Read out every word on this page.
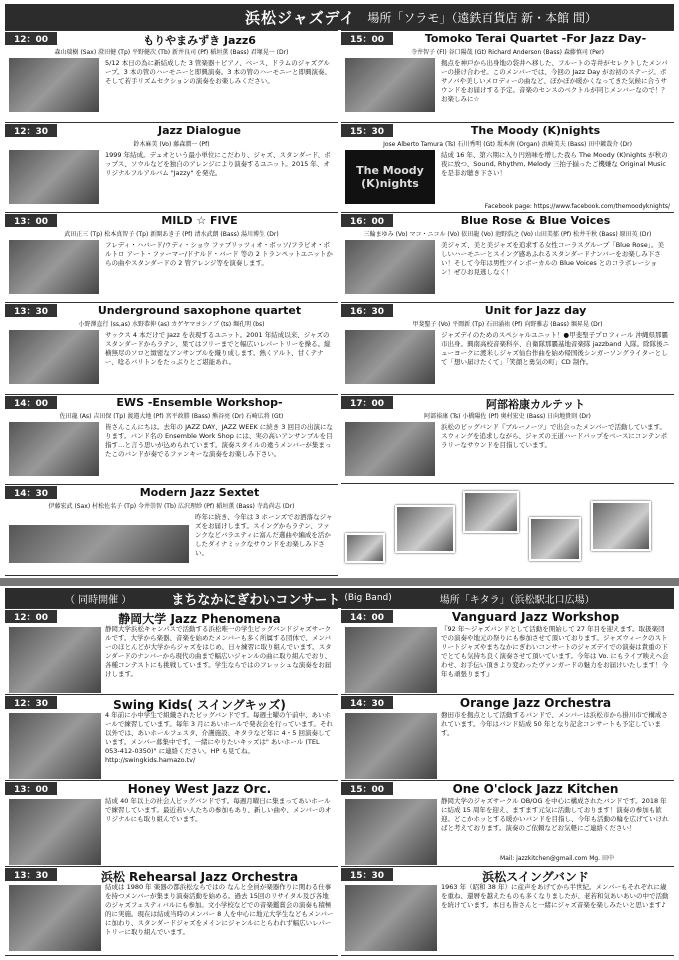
浜松ジャズデイ 場所「ソラモ」（遠鉄百貨店 新・本館 間）
12：00	もりやまみずき Jazz6
森山瑞樹 (Sax) 澄田健 (Tp) 平野健次 (Tb) 新井良司 (Pf) 稲垣薫 (Bass) 君塚晃一 (Dr)
5/12 本日の為に新結成した 3 管楽器＋ピアノ、ベース、ドラムのジャズグループ。3 本の管のハーモニーと即興演奏。3 本の管のハーモニーと即興演奏。そして若手リズムセクションの演奏をお楽しみください。
12：30	Jazz Dialogue
鈴木麻美 (Vo) 藤森潤一 (Pf)
1999 年結成。デュオという最小単位にこだわり、ジャズ、スタンダード、ボップス、ソウルなどを独自のアレンジにより演奏するユニット。2015 年、オリジナルフルアルバム "Jazzy" を発売。
13：00	MILD ☆ FIVE
武田正三 (Tp) 松本真智子 (Tp) 新開あき子 (Pf) 清水武朗 (Bass) 湯川博生 (Dr)
フレディ・ハバード/ウディ・ショウ ファブリッツィオ・ボッソ/フラビオ・ボルトロ アート・ファーマー/ドナルド・バード 等の 2 トランペットユニットからの曲やスタンダードの 2 管アレンジ等を演奏します。
13：30	Underground saxophone quartet
小野澤直行 (ss,as) 水野恭伸 (as) カゲヤマヨシノブ (ts) 堀孔明 (bs)
サックス 4 本だけで Jazz を表現するユニット。2001 年結成以来、ジャズのスタンダードからラテン、果てはフリーまでと幅広いレパートリーを操る。縦横無尽のソロと緻密なアンサンブルを織り成します。熱くアルト、甘くテナー、唸るバリトンをたっぷりとご堪能あれ。
14：00	EWS -Ensemble Workshop-
佐田龍 (As) 吉田保 (Tp) 渡邉大地 (Pf) 宮平政勝 (Bass) 熊谷亮 (Dr) 石崎広将 (Gt)
皆さんこんにちは。去年の JAZZ DAY、JAZZ WEEK に続き 3 回目の出演になります。バンド名の Ensemble Work Shop には、実の高いアンサンブルを目指す…と言う思いが込められています。演奏スタイルの違うメンバーが集まったこのバンドが奏でるファンキーな演奏をお楽しみ下さい。
14：30	Modern Jazz Sextet
伊藤宏武 (Sax) 村松佐名子 (Tp) 今井崇智 (Tb) 広沢理紗 (Pf) 稲垣薫 (Bass) 寺島尚志 (Dr)
昨年に続き、今年は 3 ホーンズでお洒落なジャズをお届けします。スイングからラテン、ファンクなどバラエティに富んだ選曲や編成を活かしたダイナミックなサウンドをお楽しみ下さい。
15：00	Tomoko Terai Quartet -For Jazz Day-
寺井智子 (Fl) 谷口陽哉 (Gt) Richard Anderson (Bass) 森藤慎司 (Per)
拠点を神戸から出身地の袋井へ移した、フルートの寺井がセレクトしたメンバーの掛け合わせ。このメンバーでは、今回の Jazz Day がお初のステージ。ボサノバや美しいメロディーの曲など、ぽかぽか暖かくなってきた気候に合うサウンドをお届けする予定。音楽のセンスのベクトルが同じメンバーなので！？お楽しみに☆
15：30	The Moody (K)nights
Jose Alberto Tamura (Ts) 石川秀明 (Gt) 坂本南 (Organ) 浜崎美夫 (Bass) 田中鍍哉介 (Dr)
The Moody (K)nights
結成 16 年、第六期に入り円熟味を増した我ら The Moody (K)nights が秋の夜に放つ、Sound, Rhythm, Melody 三拍子揃ったご機嫌な Original Music を是非お聴き下さい！
Facebook page: https://www.facebook.com/themoodyknights/
16：00	Blue Rose & Blue Voices
三輪まゆみ (Vo) マコ・ニコル (Vo) 依田龍 (Vo) 池野浩之 (Vo) 山田美郁 (Pf) 松井千秋 (Bass) 原田英 (Dr)
美ジャズ、美と美ジャズを追求する女性コーラスグループ「Blue Rose」。美しいハーモニーとスイング感あふれるスタンダードナンバーをお楽しみ下さい！そして今年は男性ツインボーカルの Blue Voices とのコラボレーション！ぜひお見逃しなく！
16：30	Unit for Jazz day
甲斐聖子 (Vo) 平岡新 (Tp) 石田涌祐 (Pf) 向野雅志 (Bass) 堀昇晃 (Dr)
ジャズデイのためのスペシャルユニット！●甲斐聖子プロフィール 沖縄県那覇市出身。興南高校音楽科卒、自衛隊那覇基地音楽隊 jazzband 入隊。除隊後ニューヨークに渡米しジャズ仙台作曲を始め帰国後シンガーソングライターとして「想い届けたくて」「笑顔と勇気の町」CD 制作。
17：00	阿部裕康カルテット
阿部裕康 (Ts) 小橋陽佐 (Pf) 奥村宏史 (Bass) 日向地貴則 (Dr)
浜松のビッグバンド『ブルーノーツ』で出会ったメンバーで活動しています。スウィングを追求しながら、ジャズの王道ハードバップをベースにコンテンポラリーなサウンドを目指しています。
（ 同時開催 ）	まちなかにぎわいコンサート (Big Band)	場所「キタラ」（浜松駅北口広場）
12：00	静岡大学 Jazz Phenomena
静岡大学浜松キャンパスで活動する浜松唯一の学生ビッグバンドジャズサークルです。大学から楽器、音楽を始めたメンバーも多く所属する団体で、メンバーのほとんどが大学からジャズをはじめ、日々練習に取り組んでいます。スタンダードのナンバーから現代の曲まで幅広いジャンルの曲に取り組んでおり、各種コンテストにも挑戦しています。学生ならではのフレッシュな演奏をお届けします。
12：30	Swing Kids( スイングキッズ)
4 年前に小中学生で組織されたビッグバンドです。毎週土曜の午前中、あいホールで練習しています。毎年 3 月にあいホールで発表会を行っています。それ以外では、あいホールフェスタ、介護施設、キタラなど年に 4・5 回演奏しています。メンバー募集中です。一緒にやりたいキッズは" あいホール (TEL 053-412-0350)" に連絡ください。HP も見てね。 http://swingkids.hamazo.tv/
13：00	Honey West Jazz Orc.
結成 40 年以上の社会人ビッグバンドです。毎週月曜日に集まってあいホールで練習しています。最近若い人たちの参加もあり、新しい曲や、メンバーのオリジナルにも取り組んでいます。
13：30	浜松 Rehearsal Jazz Orchestra
結成は 1980 年 楽器の都浜松ならではの なんと全員が楽器作りに関わる仕事を持つメンバーが集まり演奏活動を始める。過去 15回のリサイタル及び各地のジャズフェスティバルにも参加。文小学校などでの音楽鑑賞会の演奏も積極的に実施。現在は結成当時のメンバー 8 人を中心に地元大学生などもメンバーに加わり、スタンダードジャズをメインにジャンルにとらわれず幅広いレパートリーに取り組んでいます。
14：00	Vanguard Jazz Workshop
『92 年～ジャズバンドとして活動を開始して 27 年目を迎えます。取扱楽団での演奏や地元の祭りにも参加させて頂いております。ジャズウィークのストリートジャズやまちなかにぎわいコンサートのジャズデイでの演奏は貴重の下でとても気持ち良く演奏させて頂いています。今年は Vo. にもライブ映えへ会わせ、お手伝い頂きより変わったヴァンガードの魅力をお届けいたします！今年も頑張ります』
14：30	Orange Jazz Orchestra
磐田市を拠点として活動するバンドで、メンバーは浜松市から掛川市で構成されています。今年はバンド結成 50 年となり記念コンサートも予定しています。
15：00	One O'clock Jazz Kitchen
静岡大学のジャズサークル OB/OG を中心に構成されたバンドです。2018 年に結成 15 周年を迎え、ますます元気に活動しております！演奏の参加も歓迎。どこかホッとする暖かいバンドを目指し、今年も活動の輪を広げていければと考えております。演奏のご依頼などお気軽にご連絡ください！
Mail: jazzkitchen@gmail.com Mg. 田中
15：30	浜松スイングバンド
1963 年（昭和 38 年）に産声をあげてから半世紀。メンバーもそれぞれに歳を重ね、還暦を越えたものも多くなりましたが、老若和気あいあいの中で活動を続けています。本日も皆さんと一緒にジャズ音楽を楽しみたいと思います♪
